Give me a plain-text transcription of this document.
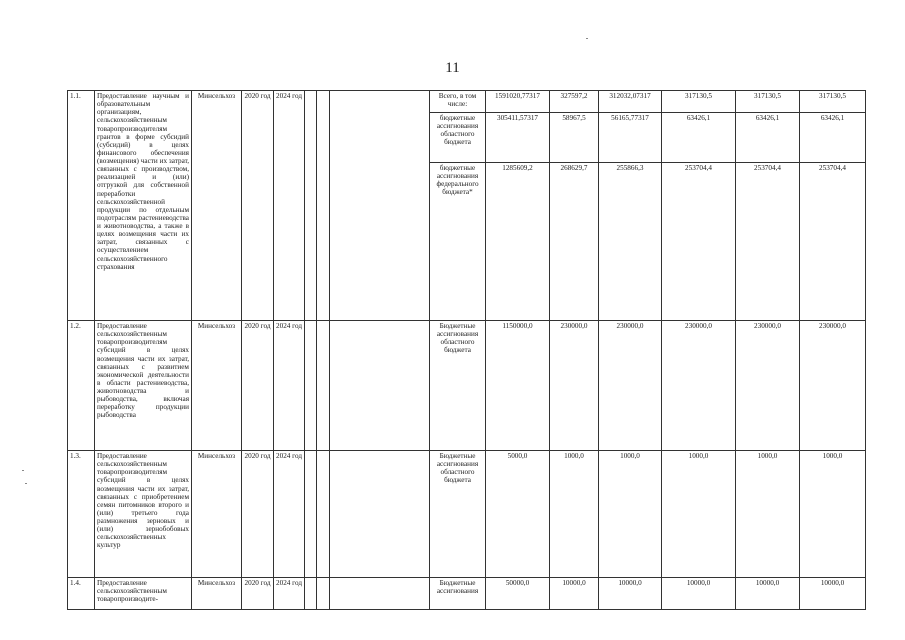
11
1.1.	Предоставление научным и образовательным организациям, сельскохозяйственным товаропроизводителям грантов в форме субсидий (субсидий) в целях финансового обеспечения (возмещения) части их затрат, связанных с производством, реализацией и (или) отгрузкой для собственной переработки сельскохозяйственной продукции по отдельным подотраслям растениеводства и животноводства, а также в целях возмещения части их затрат, связанных с осуществлением сельскохозяйственного страхования	Минсельхоз	2020 год	2024 год				Всего, в том числе:	1591020,77317	327597,2	312032,07317	317130,5	317130,5	317130,5
								бюджетные ассигнования областного бюджета	305411,57317	58967,5	56165,77317	63426,1	63426,1	63426,1
								бюджетные ассигнования федерального бюджета*	1285609,2	268629,7	255866,3	253704,4	253704,4	253704,4
1.2.	Предоставление сельскохозяйственным товаропроизводителям субсидий в целях возмещения части их затрат, связанных с развитием экономической деятельности в области растениеводства, животноводства и рыбоводства, включая переработку продукции рыбоводства	Минсельхоз	2020 год	2024 год				Бюджетные ассигнования областного бюджета	1150000,0	230000,0	230000,0	230000,0	230000,0	230000,0
1.3.	Предоставление сельскохозяйственным товаропроизводителям субсидий в целях возмещения части их затрат, связанных с приобретением семян питомников второго и (или) третьего года размножения зерновых и (или) зернобобовых сельскохозяйственных культур	Минсельхоз	2020 год	2024 год				Бюджетные ассигнования областного бюджета	5000,0	1000,0	1000,0	1000,0	1000,0	1000,0
1.4.	Предоставление сельскохозяйственным товаропроизводите-	Минсельхоз	2020 год	2024 год				Бюджетные ассигнования	50000,0	10000,0	10000,0	10000,0	10000,0	10000,0
